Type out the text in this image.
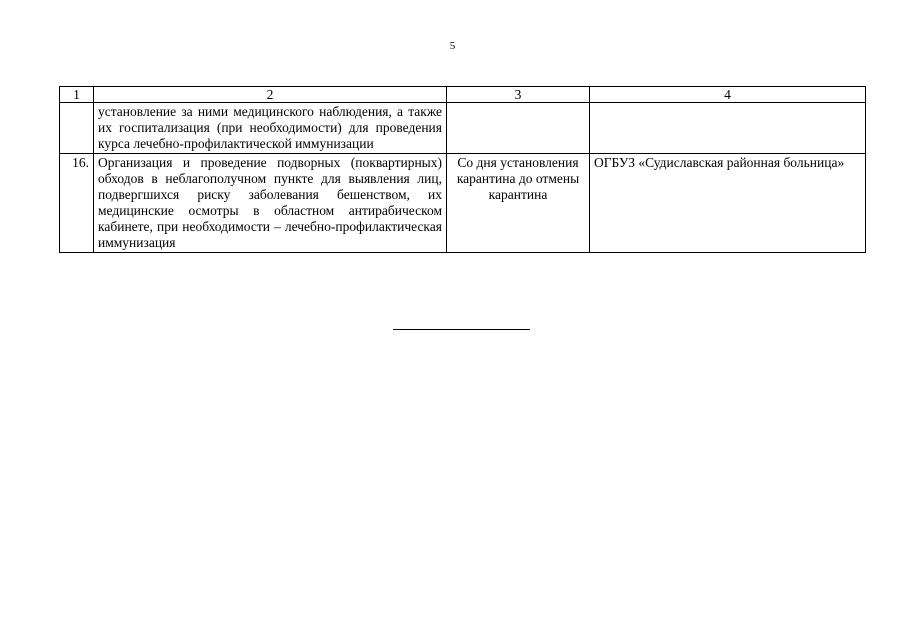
5
1	2	3	4
	установление за ними медицинского наблюдения, а также их госпитализация (при необходимости) для проведения курса лечебно-профилактической иммунизации		
16.	Организация и проведение подворных (поквартирных) обходов в неблагополучном пункте для выявления лиц, подвергшихся риску заболевания бешенством, их медицинские осмотры в областном антирабическом кабинете, при необходимости – лечебно-профилактическая иммунизация	Со дня установления карантина до отмены карантина	ОГБУЗ «Судиславская районная больница»
